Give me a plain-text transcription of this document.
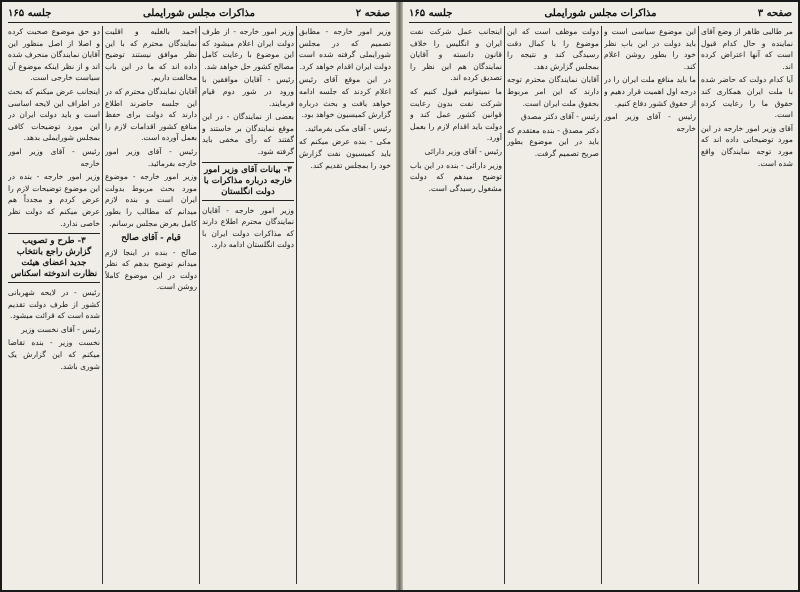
جلسه ۱۶۵	مذاکرات مجلس شورایملی	صفحه ۲

وزیر امور خارجه - مطابق تصمیم که در مجلس شورایملی گرفته شده است دولت ایران اقدام خواهد کرد.

در این موقع آقای رئیس اعلام کردند که جلسه ادامه خواهد یافت و بحث درباره گزارش کمیسیون خواهد بود.

رئیس - آقای مکی بفرمائید.

مکی - بنده عرض میکنم که باید کمیسیون نفت گزارش خود را بمجلس تقدیم کند.

وزیر امور خارجه - از طرف دولت ایران اعلام میشود که این موضوع با رعایت کامل مصالح کشور حل خواهد شد.

رئیس - آقایان موافقین با ورود در شور دوم قیام فرمایند.

بعضی از نمایندگان - در این موقع نمایندگان بر خاستند و گفتند که رأی مخفی باید گرفته شود.

۳- بیانات آقای وزیر امور خارجه درباره مذاکرات با دولت انگلستان

وزیر امور خارجه - آقایان نمایندگان محترم اطلاع دارند که مذاکرات دولت ایران با دولت انگلستان ادامه دارد.

احمد بالغلبه و اقلیت نمایندگان محترم که با این نظر موافق نیستند توضیح داده اند که ما در این باب مخالفت داریم.

آقایان نمایندگان محترم که در این جلسه حاضرند اطلاع دارند که دولت برای حفظ منافع کشور اقدامات لازم را بعمل آورده است.

رئیس - آقای وزیر امور خارجه بفرمائید.

وزیر امور خارجه - موضوع مورد بحث مربوط بدولت ایران است و بنده لازم میدانم که مطالب را بطور کامل بعرض مجلس برسانم.

قیام - آقای صالح

صالح - بنده در اینجا لازم میدانم توضیح بدهم که نظر دولت در این موضوع کاملاً روشن است.

دو حق موضوع صحبت کرده و اصلا از اصل منظور این آقایان نمایندگان منحرف شده اند و از نظر اینکه موضوع آن سیاست خارجی است.

اینجانب عرض میکنم که بحث در اطراف این لایحه اساسی است و باید دولت ایران در این مورد توضیحات کافی بمجلس شورایملی بدهد.

رئیس - آقای وزیر امور خارجه

وزیر امور خارجه - بنده در این موضوع توضیحات لازم را عرض کردم و مجدداً هم عرض میکنم که دولت نظر خاصی ندارد.

۳- طرح و تصویب گزارش راجع بانتخاب جدید اعضای هیئت نظارت اندوخته اسکناس

رئیس - در لایحه شهربانی کشور از طرف دولت تقدیم شده است که قرائت میشود.

رئیس - آقای نخست وزیر

نخست وزیر - بنده تقاضا میکنم که این گزارش یک شوری باشد.

جلسه ۱۶۵	مذاکرات مجلس شورایملی	صفحه ۳

مر طالبی ظاهر از وضع آقای نماینده و حال کدام قبول است که آنها اعتراض کرده اند.

آیا کدام دولت که حاضر شده با ملت ایران همکاری کند حقوق ما را رعایت کرده است.

آقای وزیر امور خارجه در این مورد توضیحاتی داده اند که مورد توجه نمایندگان واقع شده است.

این موضوع سیاسی است و باید دولت در این باب نظر خود را بطور روشن اعلام کند.

ما باید منافع ملت ایران را در درجه اول اهمیت قرار دهیم و از حقوق کشور دفاع کنیم.

رئیس - آقای وزیر امور خارجه

دولت موظف است که این موضوع را با کمال دقت رسیدگی کند و نتیجه را بمجلس گزارش دهد.

آقایان نمایندگان محترم توجه دارند که این امر مربوط بحقوق ملت ایران است.

رئیس - آقای دکتر مصدق

دکتر مصدق - بنده معتقدم که باید در این موضوع بطور صریح تصمیم گرفت.

اینجانب عمل شرکت نفت ایران و انگلیس را خلاف قانون دانسته و آقایان نمایندگان هم این نظر را تصدیق کرده اند.

ما نمیتوانیم قبول کنیم که شرکت نفت بدون رعایت قوانین کشور عمل کند و دولت باید اقدام لازم را بعمل آورد.

رئیس - آقای وزیر دارائی

وزیر دارائی - بنده در این باب توضیح میدهم که دولت مشغول رسیدگی است.
